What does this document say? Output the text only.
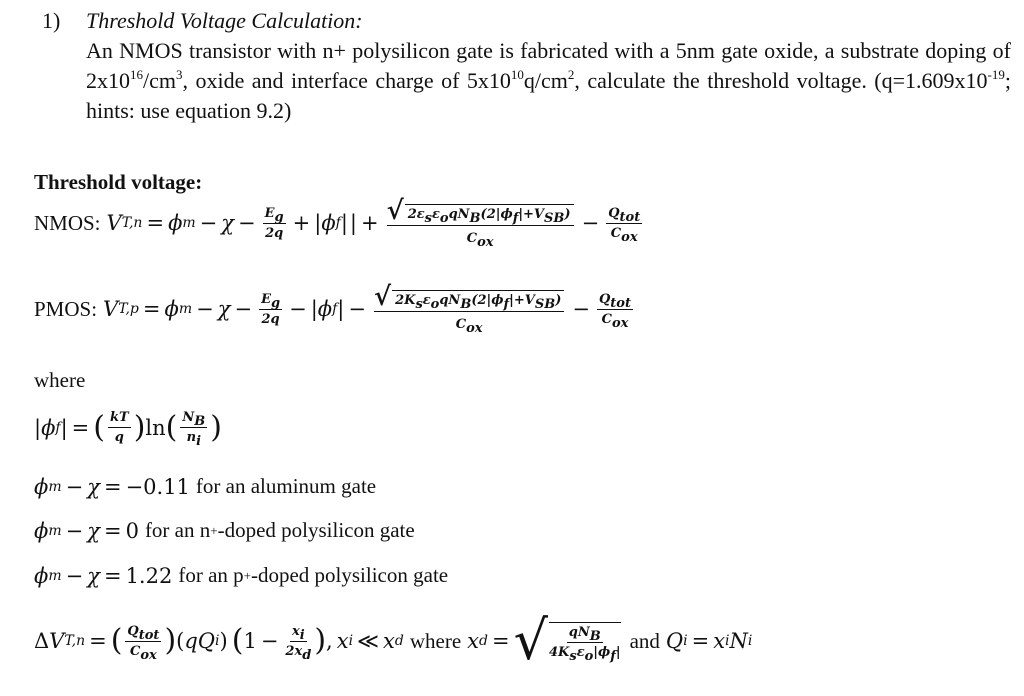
1) Threshold Voltage Calculation:
An NMOS transistor with n+ polysilicon gate is fabricated with a 5nm gate oxide, a substrate doping of $2x10^{16}/cm^3$, oxide and interface charge of $5x10^{10}q/cm^2$, calculate the threshold voltage. ($q=1.609x10^{-19}$; hints: use equation 9.2)
Threshold voltage:
NMOS: V T,n = ϕ $m - \chi - \frac{E_g}{2q}$ + | ϕ f | | + √ $2\varepsilon_s\varepsilon_oqN_B(2|\phi_f|+V_{SB})$
$C_{ox}$
− $\frac{Q_{tot}}{C_{ox}}$
PMOS: V T,p = ϕ $m - \chi - \frac{E_g}{2q}$ − | ϕ f | − √ $2K_s\varepsilon_oqN_B(2|\phi_f|+V_{SB})$
$C_{ox}$
− $\frac{Q_{tot}}{C_{ox}}$
where
| ϕ f | = ( $\frac{kT}{q}$ ) ln ( $\frac{N_B}{n_i}$ )
ϕ m − χ = −0.11 for an aluminum gate
ϕ m − χ = 0 for an n + -doped polysilicon gate
ϕ m − χ = 1.22 for an p + -doped polysilicon gate
Δ V T,n = ( $\frac{Q_{tot}}{C_{ox}}$ ) ( qQ i ) ( $1 - \frac{x_i}{2x_d}$ ) , x i ≪ x d where x d = √ $\frac{qN_B}{4K_s\varepsilon_o|\phi_f|}$ and Q i = x i N i
